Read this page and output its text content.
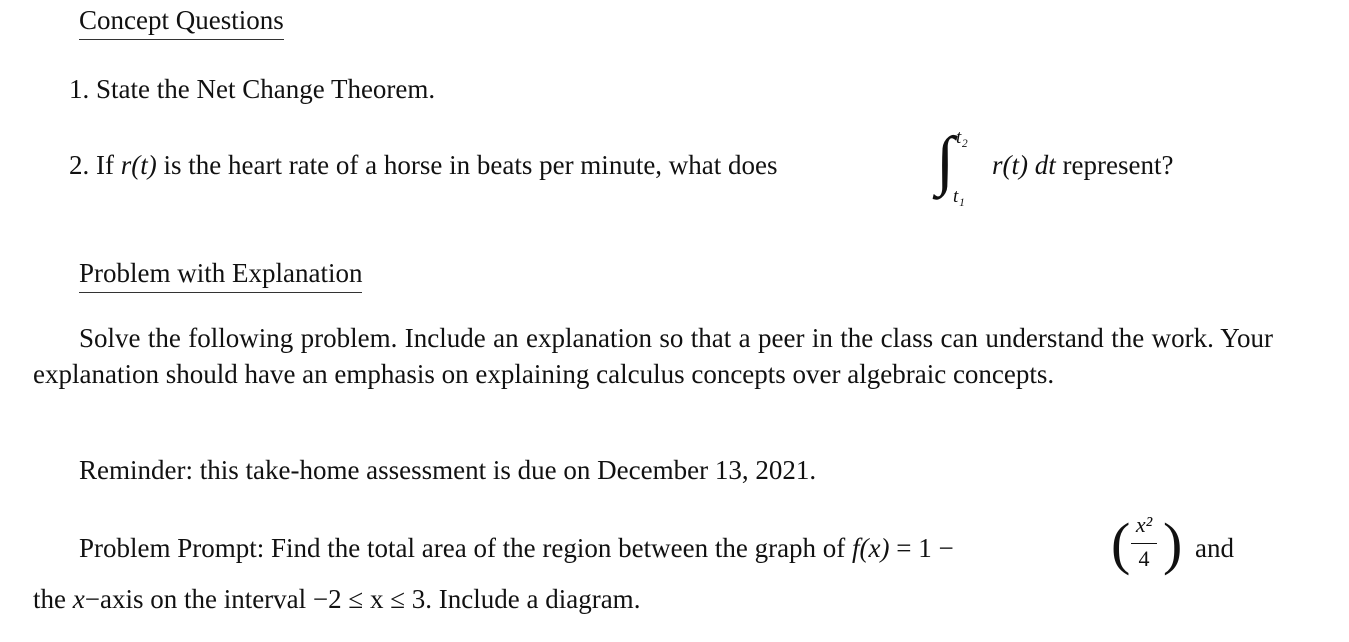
Concept Questions
1. State the Net Change Theorem.
2. If r(t) is the heart rate of a horse in beats per minute, what does ∫ t₂
t₁
r(t) dt represent?
Problem with Explanation
Solve the following problem. Include an explanation so that a peer in the class can understand the work. Your explanation should have an emphasis on explaining calculus concepts over algebraic concepts.
Reminder: this take-home assessment is due on December 13, 2021.
Problem Prompt: Find the total area of the region between the graph of f(x) = 1 −	( x²
4 ) and
the x−axis on the interval −2 ≤ x ≤ 3. Include a diagram.
